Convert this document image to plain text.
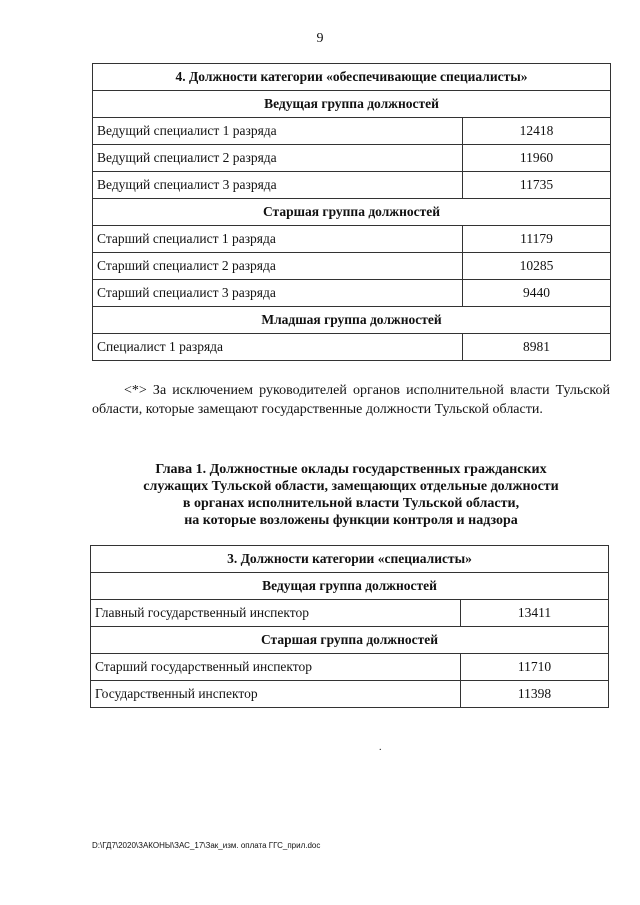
9
4. Должности категории «обеспечивающие специалисты»	
Ведущая группа должностей	
Ведущий специалист 1 разряда	12418
Ведущий специалист 2 разряда	11960
Ведущий специалист 3 разряда	11735
Старшая группа должностей	
Старший специалист 1 разряда	11179
Старший специалист 2 разряда	10285
Старший специалист 3 разряда	9440
Младшая группа должностей	
Специалист 1 разряда	8981
<*> За исключением руководителей органов исполнительной власти Тульской области, которые замещают государственные должности Тульской области.
Глава 1. Должностные оклады государственных гражданских
служащих Тульской области, замещающих отдельные должности
в органах исполнительной власти Тульской области,
на которые возложены функции контроля и надзора
3. Должности категории «специалисты»	
Ведущая группа должностей	
Главный государственный инспектор	13411
Старшая группа должностей	
Старший государственный инспектор	11710
Государственный инспектор	11398
.
D:\ГД7\2020\ЗАКОНЫ\ЗАС_17\Зак_изм. оплата ГГС_прил.doc
